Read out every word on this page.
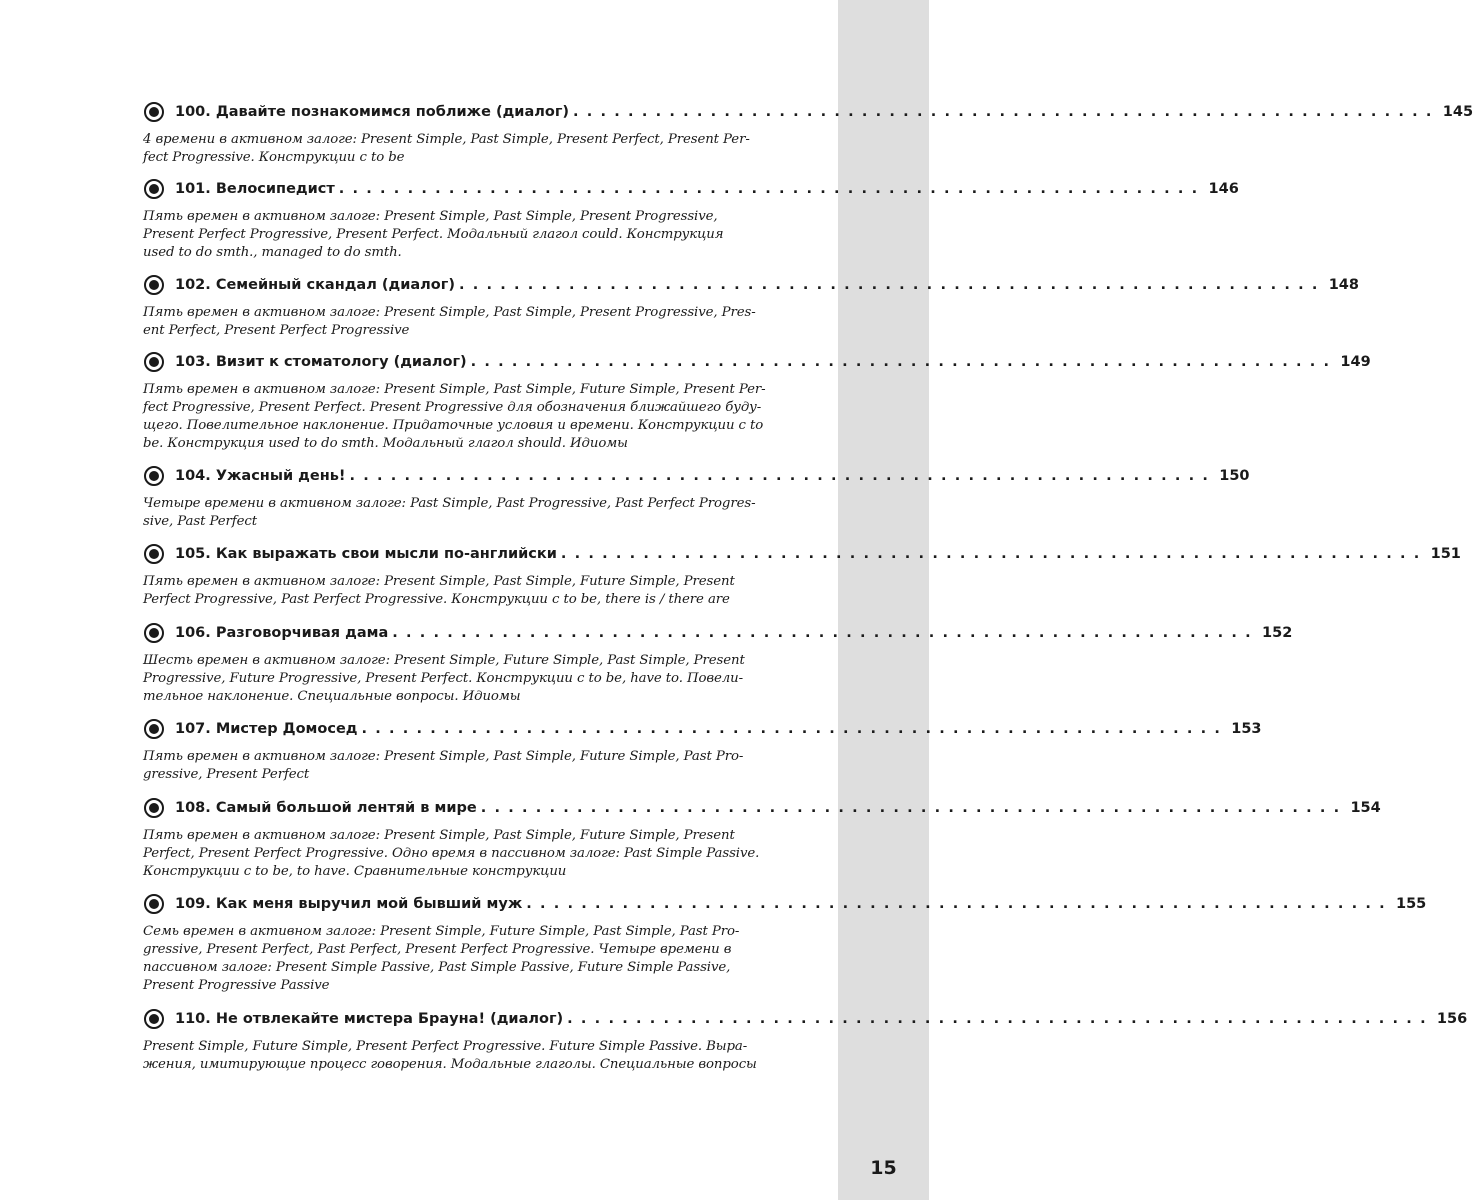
15
100. Давайте познакомимся поближе (диалог) . . . . . . . . . . . . . . . . . . . . . . . . . . . . . . . . . . . . . . . . . . . . . . . . . . . . . . . . . . . . . . . 145
4 времени в активном залоге: Present Simple, Past Simple, Present Perfect, Present Per-
fect Progressive. Конструкции с to be
101. Велосипедист . . . . . . . . . . . . . . . . . . . . . . . . . . . . . . . . . . . . . . . . . . . . . . . . . . . . . . . . . . . . . . . 146
Пять времен в активном залоге: Present Simple, Past Simple, Present Progressive,
Present Perfect Progressive, Present Perfect. Модальный глагол could. Конструкция
used to do smth., managed to do smth.
102. Семейный скандал (диалог) . . . . . . . . . . . . . . . . . . . . . . . . . . . . . . . . . . . . . . . . . . . . . . . . . . . . . . . . . . . . . . . 148
Пять времен в активном залоге: Present Simple, Past Simple, Present Progressive, Pres-
ent Perfect, Present Perfect Progressive
103. Визит к стоматологу (диалог) . . . . . . . . . . . . . . . . . . . . . . . . . . . . . . . . . . . . . . . . . . . . . . . . . . . . . . . . . . . . . . . 149
Пять времен в активном залоге: Present Simple, Past Simple, Future Simple, Present Per-
fect Progressive, Present Perfect. Present Progressive для обозначения ближайшего буду-
щего. Повелительное наклонение. Придаточные условия и времени. Конструкции с to
be. Конструкция used to do smth. Модальный глагол should. Идиомы
104. Ужасный день! . . . . . . . . . . . . . . . . . . . . . . . . . . . . . . . . . . . . . . . . . . . . . . . . . . . . . . . . . . . . . . . 150
Четыре времени в активном залоге: Past Simple, Past Progressive, Past Perfect Progres-
sive, Past Perfect
105. Как выражать свои мысли по-английски . . . . . . . . . . . . . . . . . . . . . . . . . . . . . . . . . . . . . . . . . . . . . . . . . . . . . . . . . . . . . . . 151
Пять времен в активном залоге: Present Simple, Past Simple, Future Simple, Present
Perfect Progressive, Past Perfect Progressive. Конструкции с to be, there is / there are
106. Разговорчивая дама . . . . . . . . . . . . . . . . . . . . . . . . . . . . . . . . . . . . . . . . . . . . . . . . . . . . . . . . . . . . . . . 152
Шесть времен в активном залоге: Present Simple, Future Simple, Past Simple, Present
Progressive, Future Progressive, Present Perfect. Конструкции с to be, have to. Повели-
тельное наклонение. Специальные вопросы. Идиомы
107. Мистер Домосед . . . . . . . . . . . . . . . . . . . . . . . . . . . . . . . . . . . . . . . . . . . . . . . . . . . . . . . . . . . . . . . 153
Пять времен в активном залоге: Present Simple, Past Simple, Future Simple, Past Pro-
gressive, Present Perfect
108. Самый большой лентяй в мире . . . . . . . . . . . . . . . . . . . . . . . . . . . . . . . . . . . . . . . . . . . . . . . . . . . . . . . . . . . . . . . 154
Пять времен в активном залоге: Present Simple, Past Simple, Future Simple, Present
Perfect, Present Perfect Progressive. Одно время в пассивном залоге: Past Simple Passive.
Конструкции с to be, to have. Сравнительные конструкции
109. Как меня выручил мой бывший муж . . . . . . . . . . . . . . . . . . . . . . . . . . . . . . . . . . . . . . . . . . . . . . . . . . . . . . . . . . . . . . . 155
Семь времен в активном залоге: Present Simple, Future Simple, Past Simple, Past Pro-
gressive, Present Perfect, Past Perfect, Present Perfect Progressive. Четыре времени в
пассивном залоге: Present Simple Passive, Past Simple Passive, Future Simple Passive,
Present Progressive Passive
110. Не отвлекайте мистера Брауна! (диалог) . . . . . . . . . . . . . . . . . . . . . . . . . . . . . . . . . . . . . . . . . . . . . . . . . . . . . . . . . . . . . . . 156
Present Simple, Future Simple, Present Perfect Progressive. Future Simple Passive. Выра-
жения, имитирующие процесс говорения. Модальные глаголы. Специальные вопросы
